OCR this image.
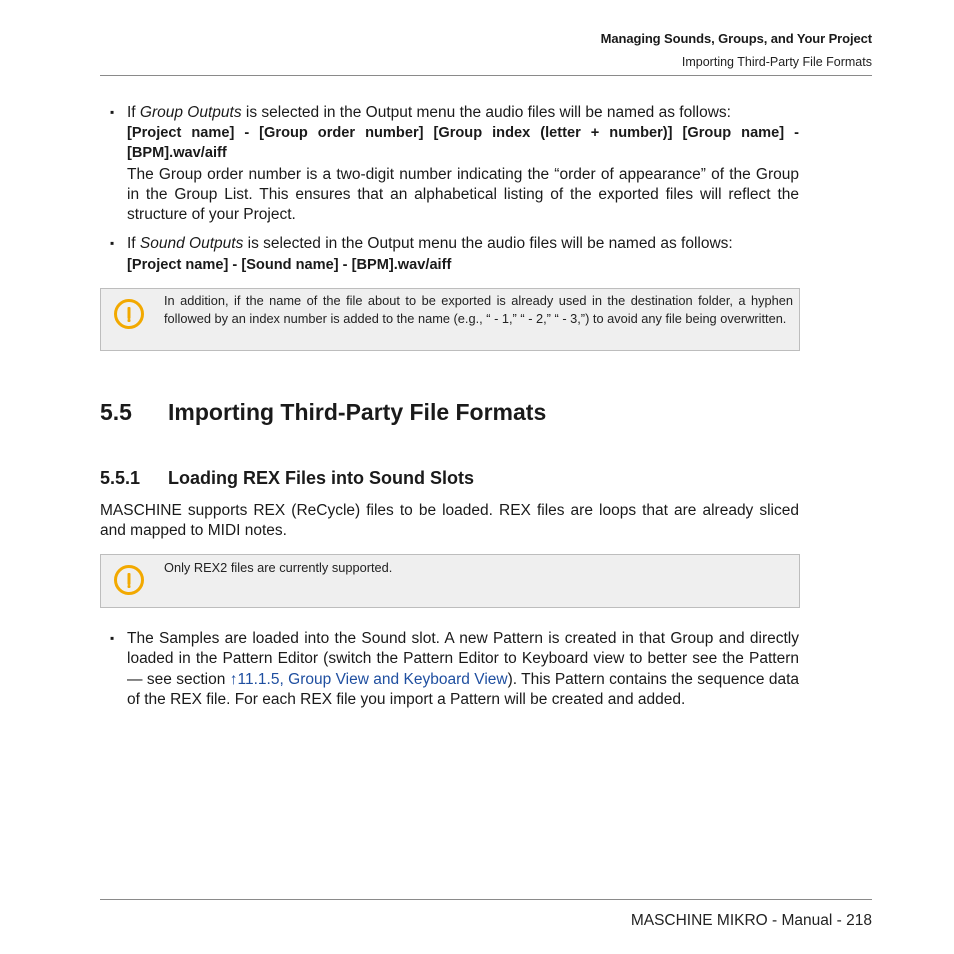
Managing Sounds, Groups, and Your Project
Importing Third-Party File Formats
▪ If Group Outputs is selected in the Output menu the audio files will be named as follows:
[Project name] - [Group order number] [Group index (letter + number)] [Group name] - [BPM].wav/aiff
The Group order number is a two-digit number indicating the “order of appearance” of the Group in the Group List. This ensures that an alphabetical listing of the exported files will reflect the structure of your Project.
▪ If Sound Outputs is selected in the Output menu the audio files will be named as follows:
[Project name] - [Sound name] - [BPM].wav/aiff
In addition, if the name of the file about to be exported is already used in the destination folder, a hyphen followed by an index number is added to the name (e.g., “ - 1,” “ - 2,” “ - 3,”) to avoid any file being overwritten.
5.5 Importing Third-Party File Formats
5.5.1 Loading REX Files into Sound Slots
MASCHINE supports REX (ReCycle) files to be loaded. REX files are loops that are already sliced and mapped to MIDI notes.
Only REX2 files are currently supported.
▪ The Samples are loaded into the Sound slot. A new Pattern is created in that Group and directly loaded in the Pattern Editor (switch the Pattern Editor to Keyboard view to better see the Pattern — see section ↑11.1.5, Group View and Keyboard View). This Pattern contains the sequence data of the REX file. For each REX file you import a Pattern will be created and added.
MASCHINE MIKRO - Manual - 218
